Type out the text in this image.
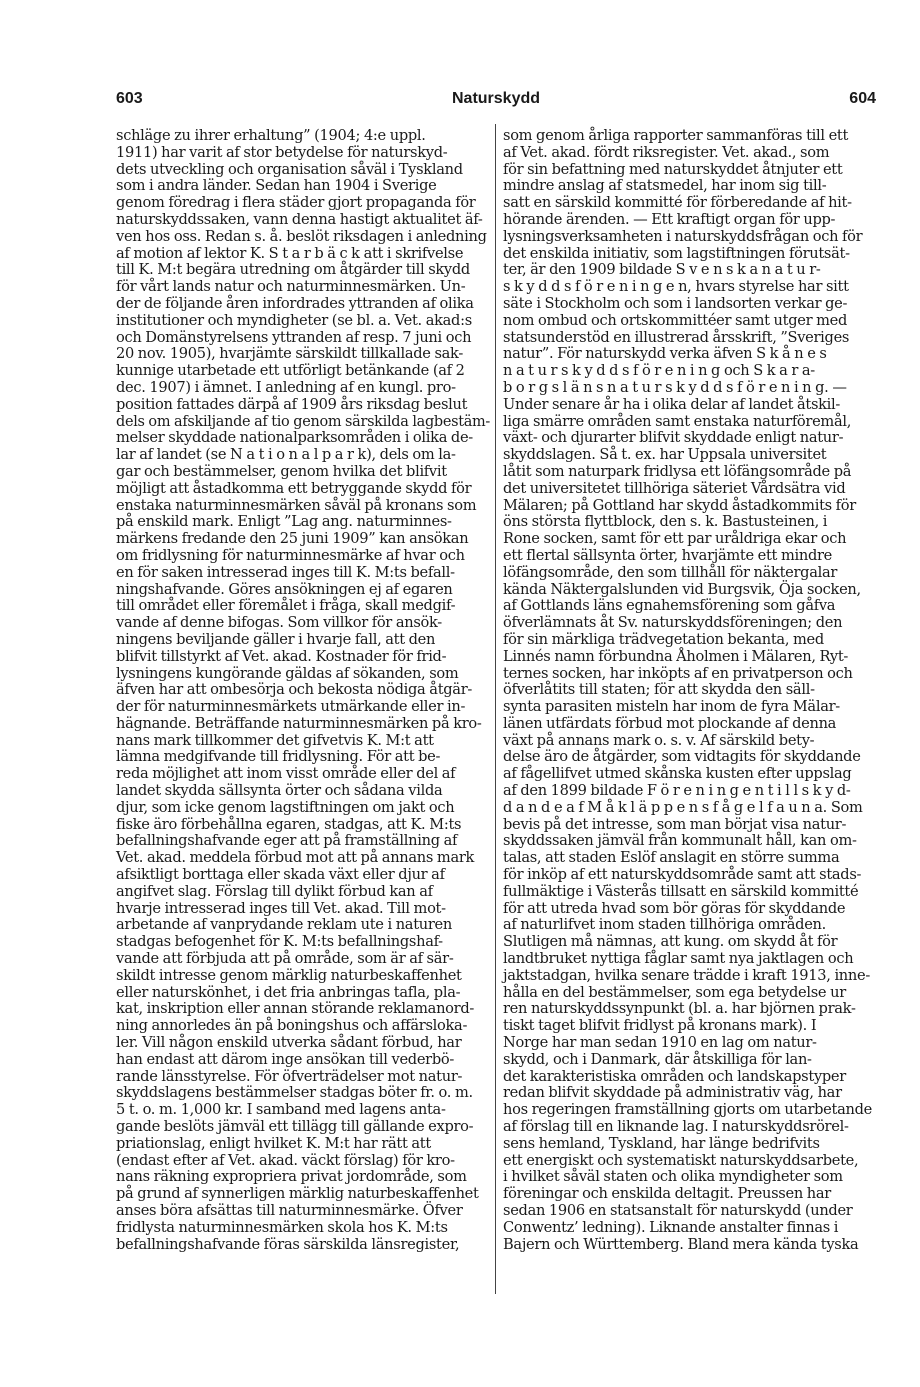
603	Naturskydd	604

schläge zu ihrer erhaltung” (1904; 4:e uppl.

1911) har varit af stor betydelse för naturskyd-

dets utveckling och organisation såväl i Tyskland

som i andra länder. Sedan han 1904 i Sverige

genom föredrag i flera städer gjort propaganda för

naturskyddssaken, vann denna hastigt aktualitet äf-

ven hos oss. Redan s. å. beslöt riksdagen i anledning

af motion af lektor K. S t a r b ä c k att i skrifvelse

till K. M:t begära utredning om åtgärder till skydd

för vårt lands natur och naturminnesmärken. Un-

der de följande åren infordrades yttranden af olika

institutioner och myndigheter (se bl. a. Vet. akad:s

och Domänstyrelsens yttranden af resp. 7 juni och

20 nov. 1905), hvarjämte särskildt tillkallade sak-

kunnige utarbetade ett utförligt betänkande (af 2

dec. 1907) i ämnet. I anledning af en kungl. pro-

position fattades därpå af 1909 års riksdag beslut

dels om afskiljande af tio genom särskilda lagbestäm-

melser skyddade nationalparksområden i olika de-

lar af landet (se N a t i o n a l p a r k), dels om la-

gar och bestämmelser, genom hvilka det blifvit

möjligt att åstadkomma ett betryggande skydd för

enstaka naturminnesmärken såväl på kronans som

på enskild mark. Enligt ”Lag ang. naturminnes-

märkens fredande den 25 juni 1909” kan ansökan

om fridlysning för naturminnesmärke af hvar och

en för saken intresserad inges till K. M:ts befall-

ningshafvande. Göres ansökningen ej af egaren

till området eller föremålet i fråga, skall medgif-

vande af denne bifogas. Som villkor för ansök-

ningens beviljande gäller i hvarje fall, att den

blifvit tillstyrkt af Vet. akad. Kostnader för frid-

lysningens kungörande gäldas af sökanden, som

äfven har att ombesörja och bekosta nödiga åtgär-

der för naturminnesmärkets utmärkande eller in-

hägnande. Beträffande naturminnesmärken på kro-

nans mark tillkommer det gifvetvis K. M:t att

lämna medgifvande till fridlysning. För att be-

reda möjlighet att inom visst område eller del af

landet skydda sällsynta örter och sådana vilda

djur, som icke genom lagstiftningen om jakt och

fiske äro förbehållna egaren, stadgas, att K. M:ts

befallningshafvande eger att på framställning af

Vet. akad. meddela förbud mot att på annans mark

afsiktligt borttaga eller skada växt eller djur af

angifvet slag. Förslag till dylikt förbud kan af

hvarje intresserad inges till Vet. akad. Till mot-

arbetande af vanprydande reklam ute i naturen

stadgas befogenhet för K. M:ts befallningshaf-

vande att förbjuda att på område, som är af sär-

skildt intresse genom märklig naturbeskaffenhet

eller naturskönhet, i det fria anbringas tafla, pla-

kat, inskription eller annan störande reklamanord-

ning annorledes än på boningshus och affärsloka-

ler. Vill någon enskild utverka sådant förbud, har

han endast att därom inge ansökan till vederbö-

rande länsstyrelse. För öfverträdelser mot natur-

skyddslagens bestämmelser stadgas böter fr. o. m.

5 t. o. m. 1,000 kr. I samband med lagens anta-

gande beslöts jämväl ett tillägg till gällande expro-

priationslag, enligt hvilket K. M:t har rätt att

(endast efter af Vet. akad. väckt förslag) för kro-

nans räkning expropriera privat jordområde, som

på grund af synnerligen märklig naturbeskaffenhet

anses böra afsättas till naturminnesmärke. Öfver

fridlysta naturminnesmärken skola hos K. M:ts

befallningshafvande föras särskilda länsregister,

som genom årliga rapporter sammanföras till ett

af Vet. akad. fördt riksregister. Vet. akad., som

för sin befattning med naturskyddet åtnjuter ett

mindre anslag af statsmedel, har inom sig till-

satt en särskild kommitté för förberedande af hit-

hörande ärenden. — Ett kraftigt organ för upp-

lysningsverksamheten i naturskyddsfrågan och för

det enskilda initiativ, som lagstiftningen förutsät-

ter, är den 1909 bildade S v e n s k a n a t u r-

s k y d d s f ö r e n i n g e n, hvars styrelse har sitt

säte i Stockholm och som i landsorten verkar ge-

nom ombud och ortskommittéer samt utger med

statsunderstöd en illustrerad årsskrift, ”Sveriges

natur”. För naturskydd verka äfven S k å n e s

n a t u r s k y d d s f ö r e n i n g och S k a r a-

b o r g s l ä n s n a t u r s k y d d s f ö r e n i n g. —

Under senare år ha i olika delar af landet åtskil-

liga smärre områden samt enstaka naturföremål,

växt- och djurarter blifvit skyddade enligt natur-

skyddslagen. Så t. ex. har Uppsala universitet

låtit som naturpark fridlysa ett löfängsområde på

det universitetet tillhöriga säteriet Vårdsätra vid

Mälaren; på Gottland har skydd åstadkommits för

öns största flyttblock, den s. k. Bastusteinen, i

Rone socken, samt för ett par uråldriga ekar och

ett flertal sällsynta örter, hvarjämte ett mindre

löfängsområde, den som tillhåll för näktergalar

kända Näktergalslunden vid Burgsvik, Öja socken,

af Gottlands läns egnahemsförening som gåfva

öfverlämnats åt Sv. naturskyddsföreningen; den

för sin märkliga trädvegetation bekanta, med

Linnés namn förbundna Åholmen i Mälaren, Ryt-

ternes socken, har inköpts af en privatperson och

öfverlåtits till staten; för att skydda den säll-

synta parasiten misteln har inom de fyra Mälar-

länen utfärdats förbud mot plockande af denna

växt på annans mark o. s. v. Af särskild bety-

delse äro de åtgärder, som vidtagits för skyddande

af fågellifvet utmed skånska kusten efter uppslag

af den 1899 bildade F ö r e n i n g e n t i l l s k y d-

d a n d e a f M å k l ä p p e n s f å g e l f a u n a. Som

bevis på det intresse, som man börjat visa natur-

skyddssaken jämväl från kommunalt håll, kan om-

talas, att staden Eslöf anslagit en större summa

för inköp af ett naturskyddsområde samt att stads-

fullmäktige i Västerås tillsatt en särskild kommitté

för att utreda hvad som bör göras för skyddande

af naturlifvet inom staden tillhöriga områden.

Slutligen må nämnas, att kung. om skydd åt för

landtbruket nyttiga fåglar samt nya jaktlagen och

jaktstadgan, hvilka senare trädde i kraft 1913, inne-

hålla en del bestämmelser, som ega betydelse ur

ren naturskyddssynpunkt (bl. a. har björnen prak-

tiskt taget blifvit fridlyst på kronans mark). I

Norge har man sedan 1910 en lag om natur-

skydd, och i Danmark, där åtskilliga för lan-

det karakteristiska områden och landskapstyper

redan blifvit skyddade på administrativ väg, har

hos regeringen framställning gjorts om utarbetande

af förslag till en liknande lag. I naturskyddsrörel-

sens hemland, Tyskland, har länge bedrifvits

ett energiskt och systematiskt naturskyddsarbete,

i hvilket såväl staten och olika myndigheter som

föreningar och enskilda deltagit. Preussen har

sedan 1906 en statsanstalt för naturskydd (under

Conwentz’ ledning). Liknande anstalter finnas i

Bajern och Württemberg. Bland mera kända tyska
